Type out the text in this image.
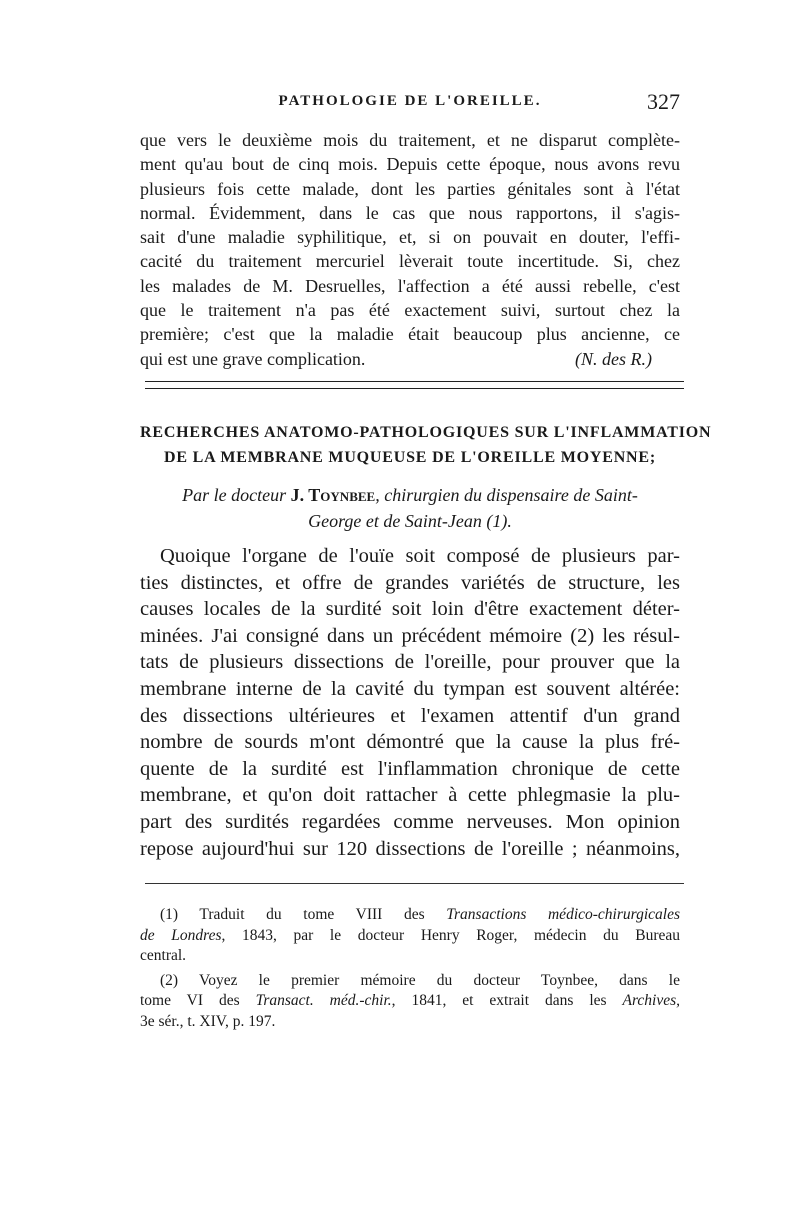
PATHOLOGIE DE L'OREILLE.	327
que vers le deuxième mois du traitement, et ne disparut complète-
ment qu'au bout de cinq mois. Depuis cette époque, nous avons revu
plusieurs fois cette malade, dont les parties génitales sont à l'état
normal. Évidemment, dans le cas que nous rapportons, il s'agis-
sait d'une maladie syphilitique, et, si on pouvait en douter, l'effi-
cacité du traitement mercuriel lèverait toute incertitude. Si, chez
les malades de M. Desruelles, l'affection a été aussi rebelle, c'est
que le traitement n'a pas été exactement suivi, surtout chez la
première; c'est que la maladie était beaucoup plus ancienne, ce
qui est une grave complication.	(N. des R.)
RECHERCHES ANATOMO-PATHOLOGIQUES SUR L'INFLAMMATION
DE LA MEMBRANE MUQUEUSE DE L'OREILLE MOYENNE;
Par le docteur J. Toynbee, chirurgien du dispensaire de Saint-
George et de Saint-Jean (1).
Quoique l'organe de l'ouïe soit composé de plusieurs par-
ties distinctes, et offre de grandes variétés de structure, les
causes locales de la surdité soit loin d'être exactement déter-
minées. J'ai consigné dans un précédent mémoire (2) les résul-
tats de plusieurs dissections de l'oreille, pour prouver que la
membrane interne de la cavité du tympan est souvent altérée:
des dissections ultérieures et l'examen attentif d'un grand
nombre de sourds m'ont démontré que la cause la plus fré-
quente de la surdité est l'inflammation chronique de cette
membrane, et qu'on doit rattacher à cette phlegmasie la plu-
part des surdités regardées comme nerveuses. Mon opinion
repose aujourd'hui sur 120 dissections de l'oreille ; néanmoins,
(1) Traduit du tome VIII des Transactions médico-chirurgicales
de Londres, 1843, par le docteur Henry Roger, médecin du Bureau
central.
(2) Voyez le premier mémoire du docteur Toynbee, dans le
tome VI des Transact. méd.-chir., 1841, et extrait dans les Archives,
3e sér., t. XIV, p. 197.
